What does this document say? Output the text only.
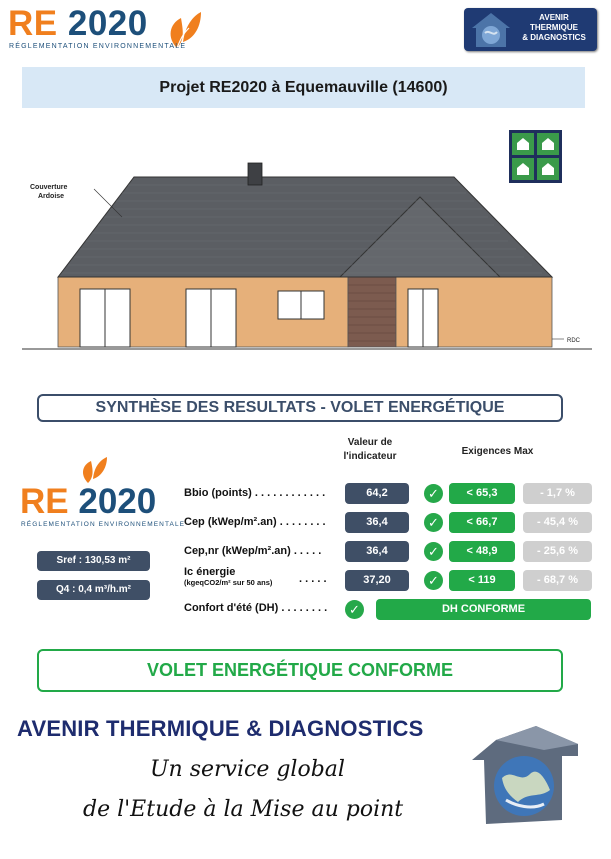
RE 2020
RÉGLEMENTATION ENVIRONNEMENTALE
AVENIR
THERMIQUE
& DIAGNOSTICS
Projet RE2020 à Equemauville (14600)
RDC
Couverture
Ardoise
SYNTHÈSE DES RESULTATS - VOLET ENERGÉTIQUE
Valeur de l'indicateur	Exigences Max
RE 2020
RÉGLEMENTATION ENVIRONNEMENTALE
Sref : 130,53 m²
Q4 : 0,4 m³/h.m²
Bbio (points) . . . . . . . . . . . .	64,2	✓	< 65,3	- 1,7 %
Cep (kWep/m².an) . . . . . . . .	36,4	✓	< 66,7	- 45,4 %
Cep,nr (kWep/m².an) . . . . .	36,4	✓	< 48,9	- 25,6 %
Ic énergie
(kgeqCO2/m² sur 50 ans) . . . . .	37,20	✓	< 119	- 68,7 %
Confort d'été (DH) . . . . . . . .	✓	DH CONFORME
VOLET ENERGÉTIQUE CONFORME
AVENIR THERMIQUE & DIAGNOSTICS
Un service global
de l'Etude à la Mise au point
